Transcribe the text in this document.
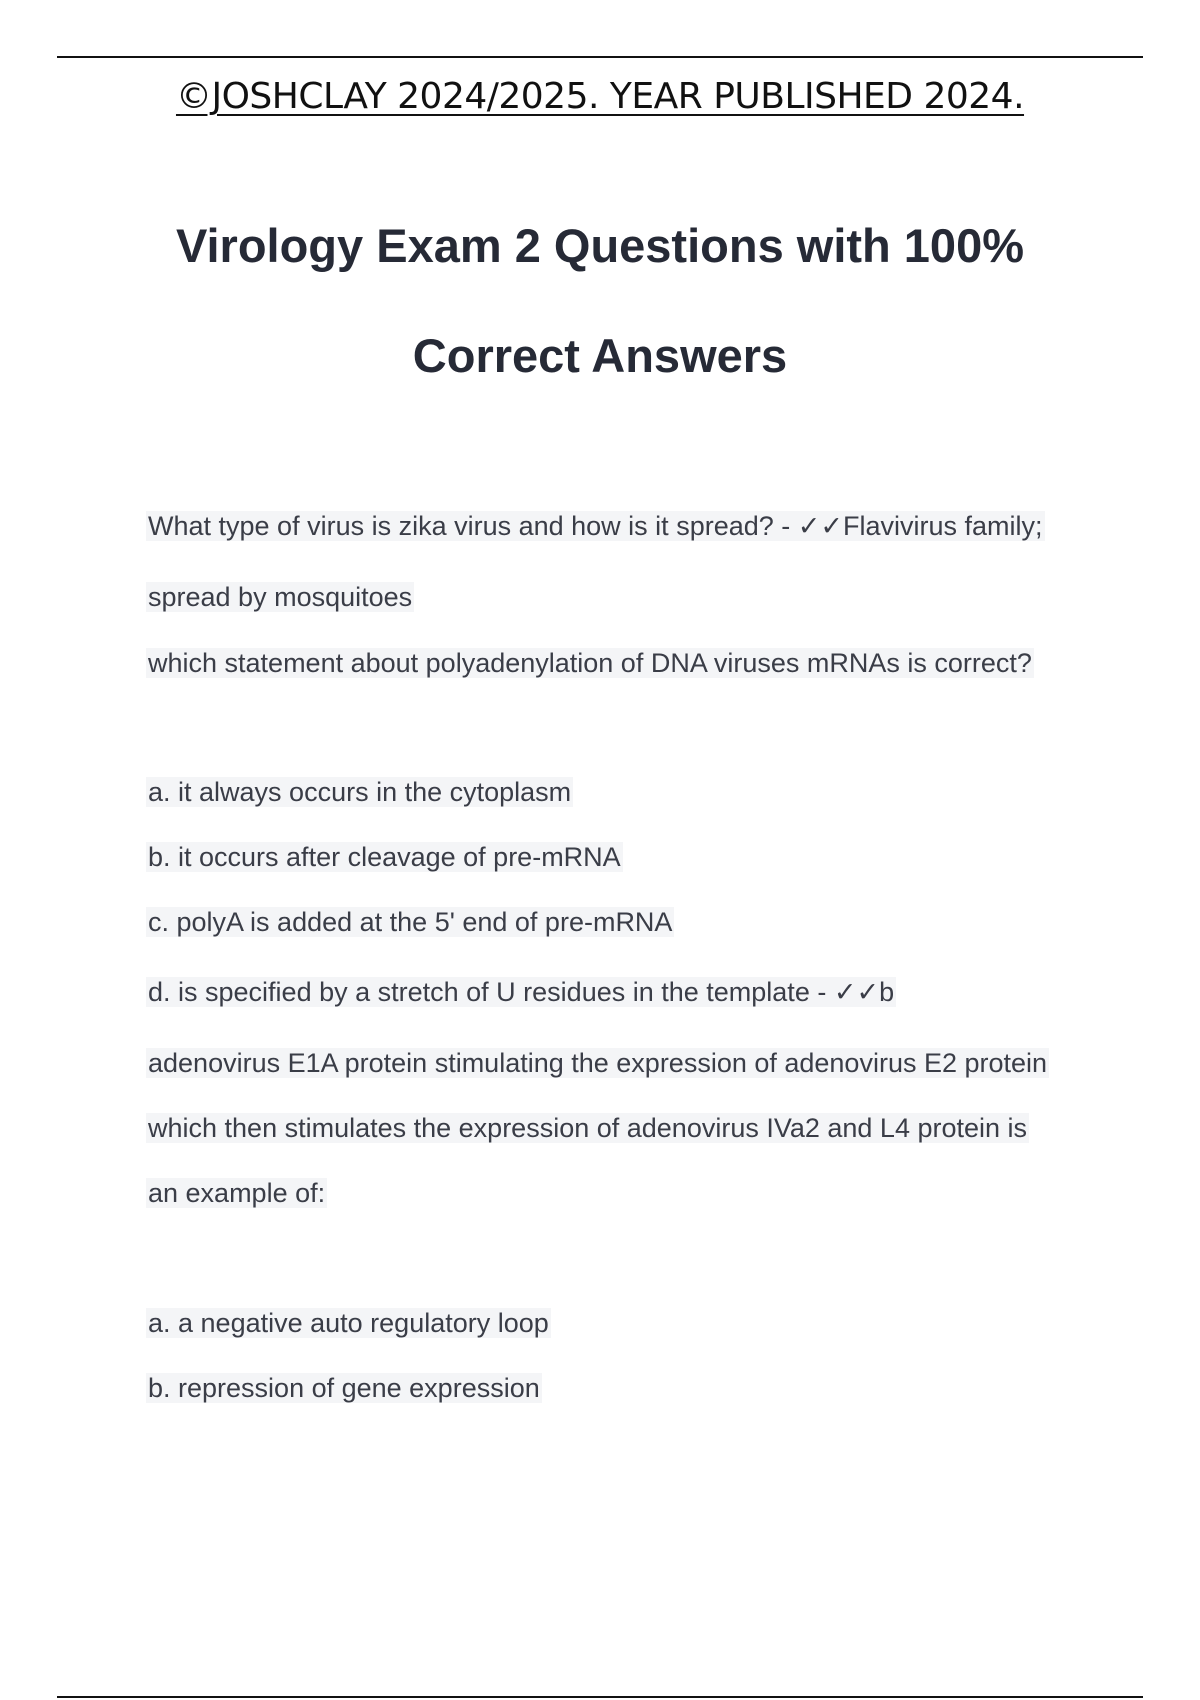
©JOSHCLAY 2024/2025. YEAR PUBLISHED 2024.
Virology Exam 2 Questions with 100%
Correct Answers
What type of virus is zika virus and how is it spread? - ✓✓Flavivirus family;
spread by mosquitoes
which statement about polyadenylation of DNA viruses mRNAs is correct?
a. it always occurs in the cytoplasm
b. it occurs after cleavage of pre-mRNA
c. polyA is added at the 5' end of pre-mRNA
d. is specified by a stretch of U residues in the template - ✓✓b
adenovirus E1A protein stimulating the expression of adenovirus E2 protein
which then stimulates the expression of adenovirus IVa2 and L4 protein is
an example of:
a. a negative auto regulatory loop
b. repression of gene expression
